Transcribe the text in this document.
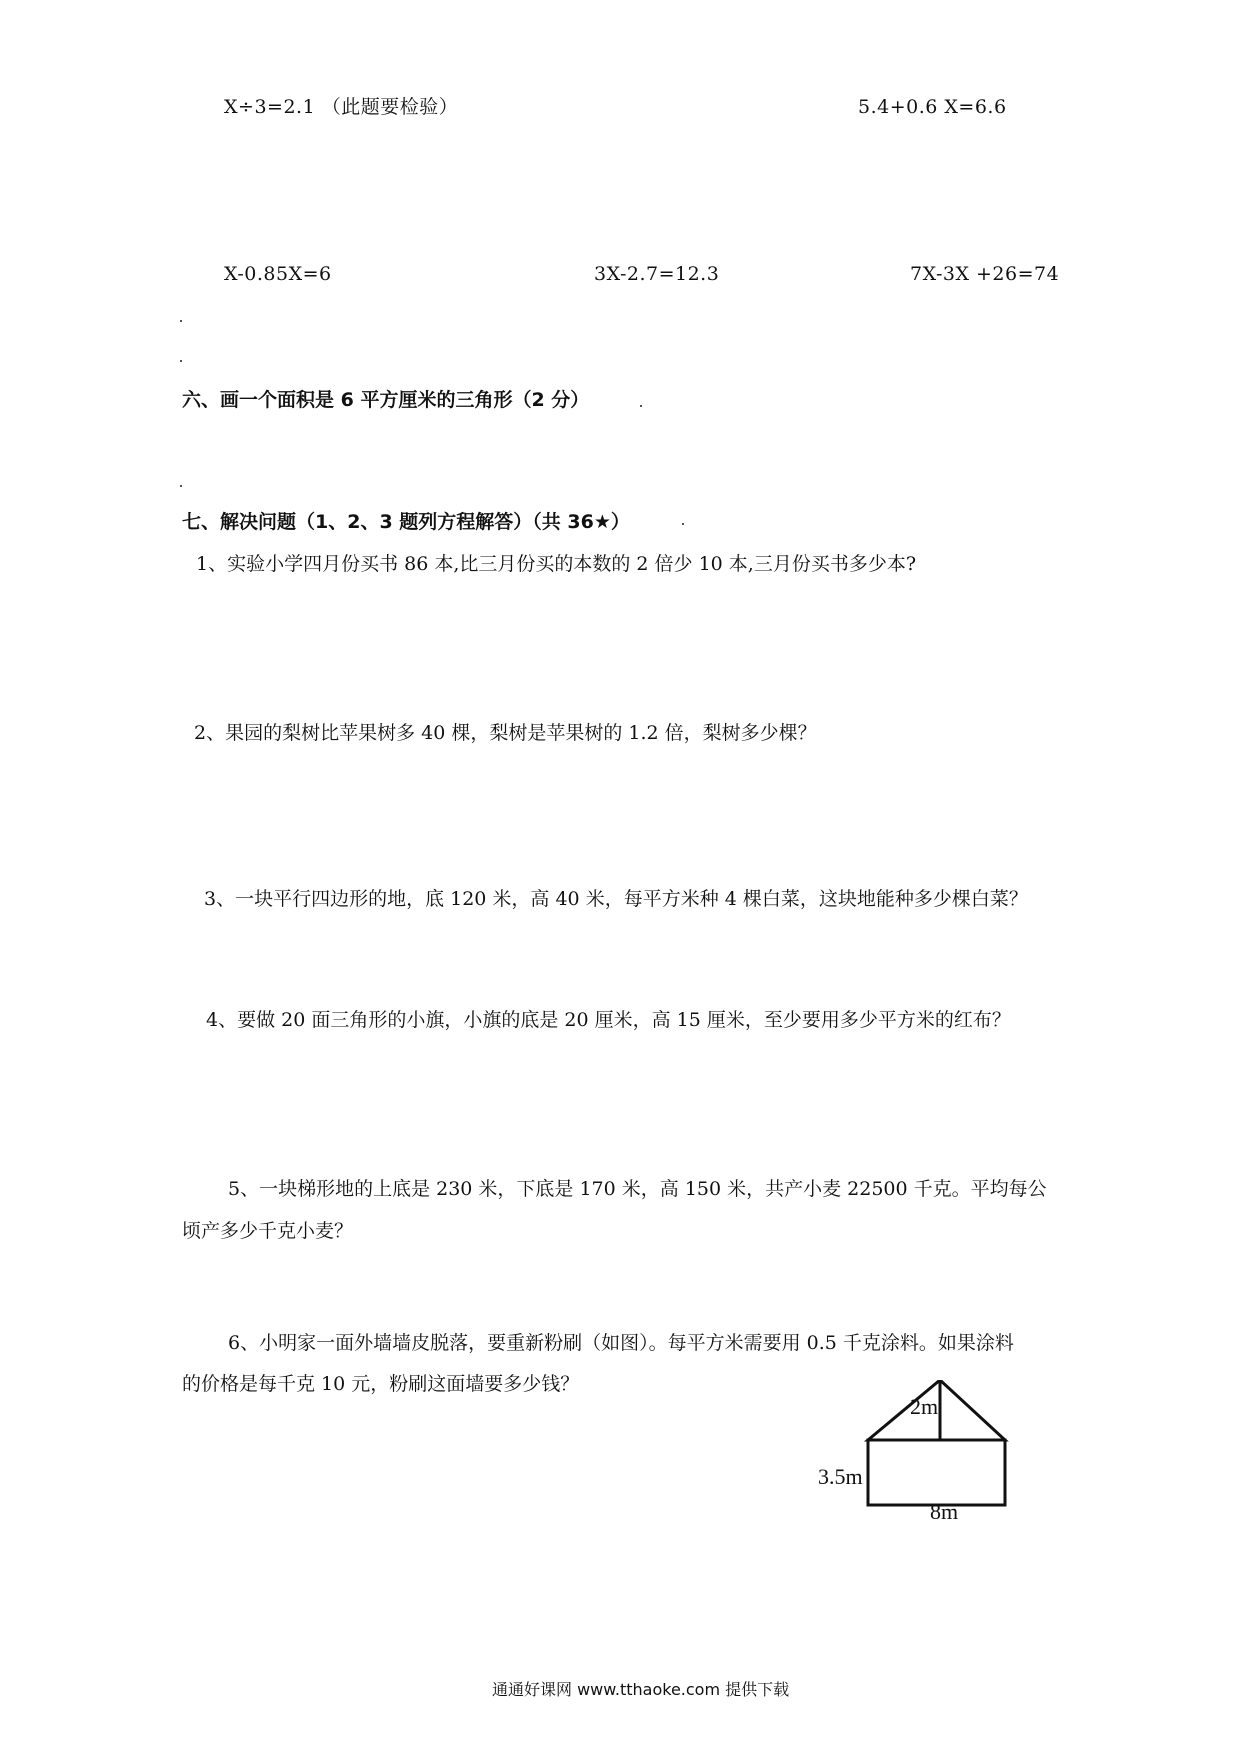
X÷3=2.1 （此题要检验）	5.4+0.6 X=6.6
X-0.85X=6	3X-2.7=12.3	7X-3X +26=74
六、画一个面积是 6 平方厘米的三角形（2 分）
七、解决问题（1、2、3 题列方程解答）（共 36★）
1、实验小学四月份买书 86 本,比三月份买的本数的 2 倍少 10 本,三月份买书多少本?
2、果园的梨树比苹果树多 40 棵，梨树是苹果树的 1.2 倍，梨树多少棵？
3、一块平行四边形的地，底 120 米，高 40 米，每平方米种 4 棵白菜，这块地能种多少棵白菜？
4、要做 20 面三角形的小旗，小旗的底是 20 厘米，高 15 厘米，至少要用多少平方米的红布？
5、一块梯形地的上底是 230 米，下底是 170 米，高 150 米，共产小麦 22500 千克。平均每公
顷产多少千克小麦？
6、小明家一面外墙墙皮脱落，要重新粉刷（如图）。每平方米需要用 0.5 千克涂料。如果涂料
的价格是每千克 10 元，粉刷这面墙要多少钱？
2m
3.5m
8m
通通好课网 www.tthaoke.com 提供下载
